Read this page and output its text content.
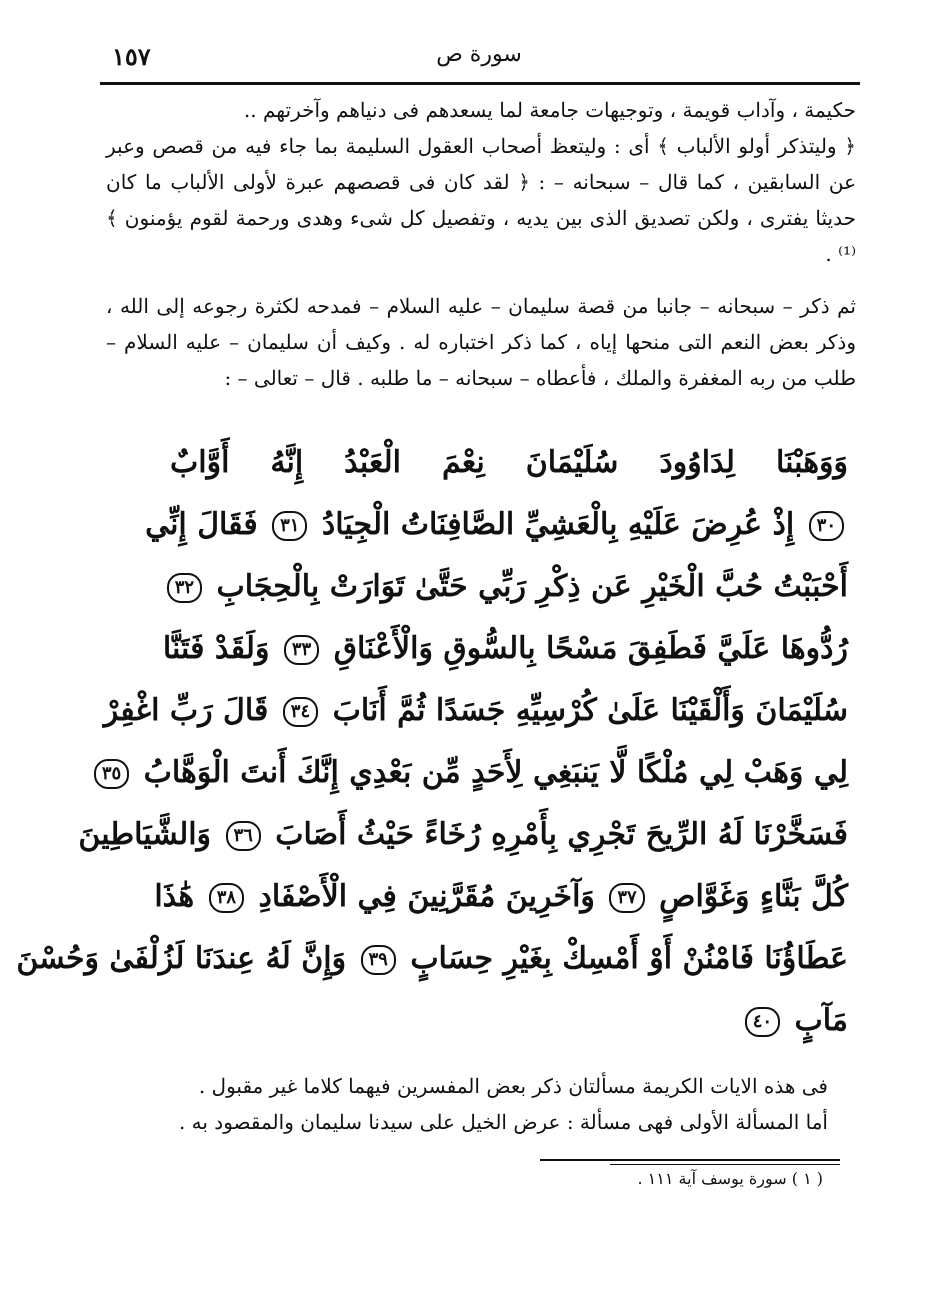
١٥٧	سورة ص

حكيمة ، وآداب قويمة ، وتوجيهات جامعة لما يسعدهم فى دنياهم وآخرتهم ..

﴿ وليتذكر أولو الألباب ﴾ أى : وليتعظ أصحاب العقول السليمة بما جاء فيه من قصص وعبر عن السابقين ، كما قال – سبحانه – : ﴿ لقد كان فى قصصهم عبرة لأولى الألباب ما كان حديثا يفترى ، ولكن تصديق الذى بين يديه ، وتفصيل كل شىء وهدى ورحمة لقوم يؤمنون ﴾⁽¹⁾ .

ثم ذكر – سبحانه – جانبا من قصة سليمان – عليه السلام – فمدحه لكثرة رجوعه إلى الله ، وذكر بعض النعم التى منحها إياه ، كما ذكر اختباره له . وكيف أن سليمان – عليه السلام – طلب من ربه المغفرة والملك ، فأعطاه – سبحانه – ما طلبه . قال – تعالى – :

وَوَهَبْنَا لِدَاوُودَ سُلَيْمَانَ نِعْمَ الْعَبْدُ إِنَّهُ أَوَّابٌ
٣٠ إِذْ عُرِضَ عَلَيْهِ بِالْعَشِيِّ الصَّافِنَاتُ الْجِيَادُ ٣١ فَقَالَ إِنِّي
أَحْبَبْتُ حُبَّ الْخَيْرِ عَن ذِكْرِ رَبِّي حَتَّىٰ تَوَارَتْ بِالْحِجَابِ ٣٢
رُدُّوهَا عَلَيَّ فَطَفِقَ مَسْحًا بِالسُّوقِ وَالْأَعْنَاقِ ٣٣ وَلَقَدْ فَتَنَّا
سُلَيْمَانَ وَأَلْقَيْنَا عَلَىٰ كُرْسِيِّهِ جَسَدًا ثُمَّ أَنَابَ ٣٤ قَالَ رَبِّ اغْفِرْ
لِي وَهَبْ لِي مُلْكًا لَّا يَنبَغِي لِأَحَدٍ مِّن بَعْدِي إِنَّكَ أَنتَ الْوَهَّابُ ٣٥
فَسَخَّرْنَا لَهُ الرِّيحَ تَجْرِي بِأَمْرِهِ رُخَاءً حَيْثُ أَصَابَ ٣٦ وَالشَّيَاطِينَ
كُلَّ بَنَّاءٍ وَغَوَّاصٍ ٣٧ وَآخَرِينَ مُقَرَّنِينَ فِي الْأَصْفَادِ ٣٨ هَٰذَا
عَطَاؤُنَا فَامْنُنْ أَوْ أَمْسِكْ بِغَيْرِ حِسَابٍ ٣٩ وَإِنَّ لَهُ عِندَنَا لَزُلْفَىٰ وَحُسْنَ
مَآبٍ ٤٠

فى هذه الايات الكريمة مسألتان ذكر بعض المفسرين فيهما كلاما غير مقبول .

أما المسألة الأولى فهى مسألة : عرض الخيل على سيدنا سليمان والمقصود به .

( ١ ) سورة يوسف آية ١١١ .
